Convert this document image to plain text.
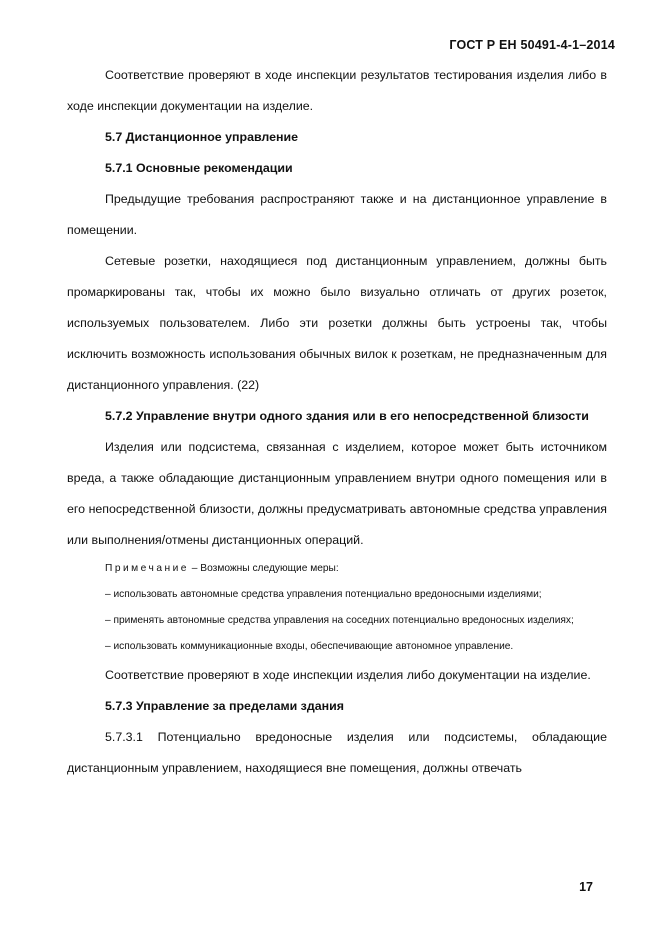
ГОСТ Р ЕН 50491-4-1–2014

Соответствие проверяют в ходе инспекции результатов тестирования изделия либо в ходе инспекции документации на изделие.

5.7 Дистанционное управление

5.7.1 Основные рекомендации

Предыдущие требования распространяют также и на дистанционное управление в помещении.

Сетевые розетки, находящиеся под дистанционным управлением, должны быть промаркированы так, чтобы их можно было визуально отличать от других розеток, используемых пользователем. Либо эти розетки должны быть устроены так, чтобы исключить возможность использования обычных вилок к розеткам, не предназначенным для дистанционного управления. (22)

5.7.2 Управление внутри одного здания или в его непосредственной близости

Изделия или подсистема, связанная с изделием, которое может быть источником вреда, а также обладающие дистанционным управлением внутри одного помещения или в его непосредственной близости, должны предусматривать автономные средства управления или выполнения/отмены дистанционных операций.

Примечание – Возможны следующие меры:

– использовать автономные средства управления потенциально вредоносными изделиями;

– применять автономные средства управления на соседних потенциально вредоносных изделиях;

– использовать коммуникационные входы, обеспечивающие автономное управление.

Соответствие проверяют в ходе инспекции изделия либо документации на изделие.

5.7.3 Управление за пределами здания

5.7.3.1 Потенциально вредоносные изделия или подсистемы, обладающие дистанционным управлением, находящиеся вне помещения, должны отвечать

17
